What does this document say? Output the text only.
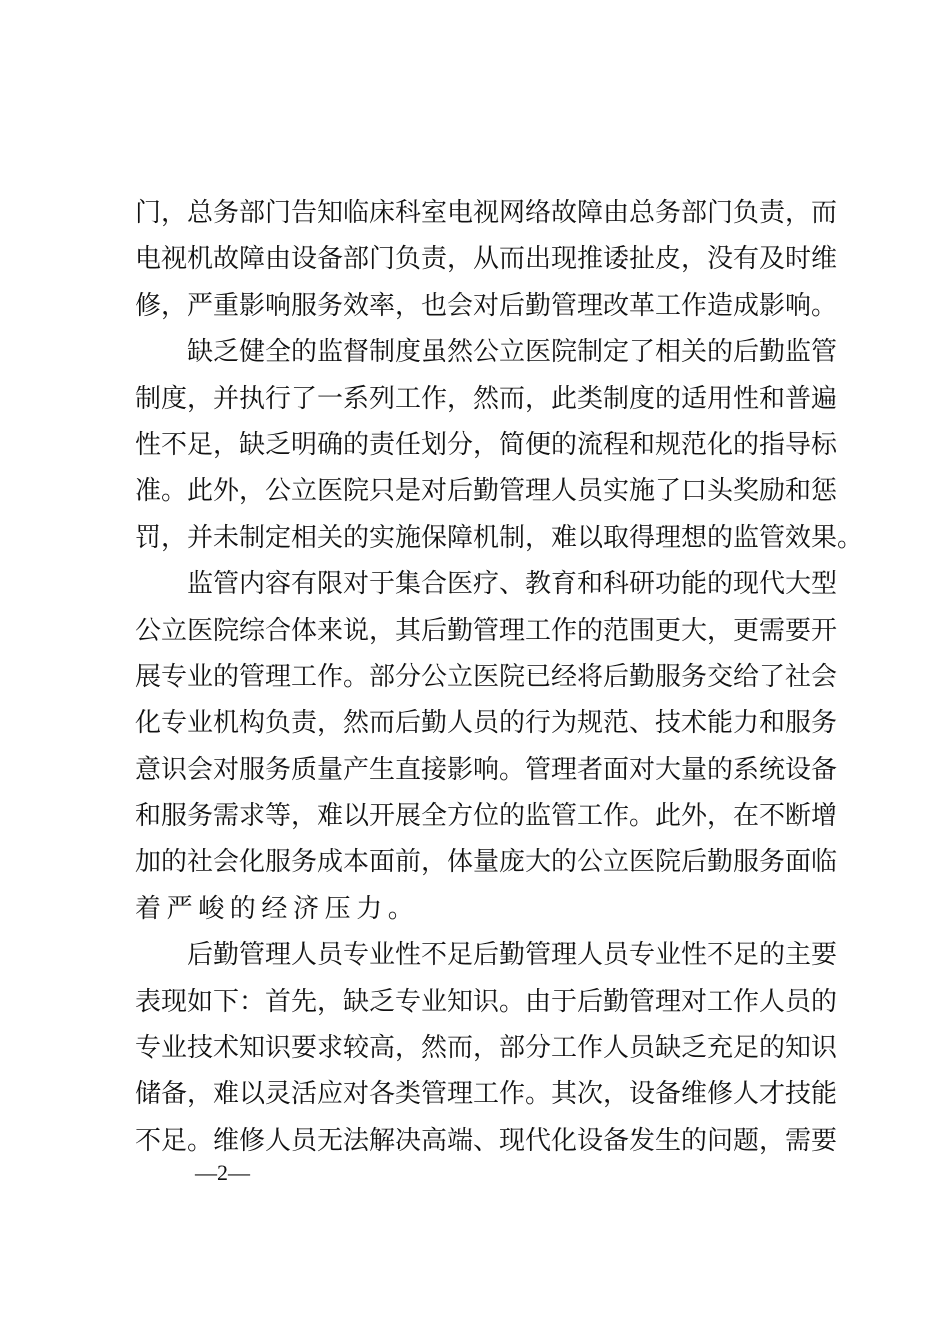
门，总务部门告知临床科室电视网络故障由总务部门负责，而
电视机故障由设备部门负责，从而出现推诿扯皮，没有及时维
修，严重影响服务效率，也会对后勤管理改革工作造成影响。
缺乏健全的监督制度虽然公立医院制定了相关的后勤监管
制度，并执行了一系列工作，然而，此类制度的适用性和普遍
性不足，缺乏明确的责任划分，简便的流程和规范化的指导标
准。此外，公立医院只是对后勤管理人员实施了口头奖励和惩
罚，并未制定相关的实施保障机制，难以取得理想的监管效果。
监管内容有限对于集合医疗、教育和科研功能的现代大型
公立医院综合体来说，其后勤管理工作的范围更大，更需要开
展专业的管理工作。部分公立医院已经将后勤服务交给了社会
化专业机构负责，然而后勤人员的行为规范、技术能力和服务
意识会对服务质量产生直接影响。管理者面对大量的系统设备
和服务需求等，难以开展全方位的监管工作。此外，在不断增
加的社会化服务成本面前，体量庞大的公立医院后勤服务面临
着严峻的经济压力。
后勤管理人员专业性不足后勤管理人员专业性不足的主要
表现如下：首先，缺乏专业知识。由于后勤管理对工作人员的
专业技术知识要求较高，然而，部分工作人员缺乏充足的知识
储备，难以灵活应对各类管理工作。其次，设备维修人才技能
不足。维修人员无法解决高端、现代化设备发生的问题，需要
—2—
